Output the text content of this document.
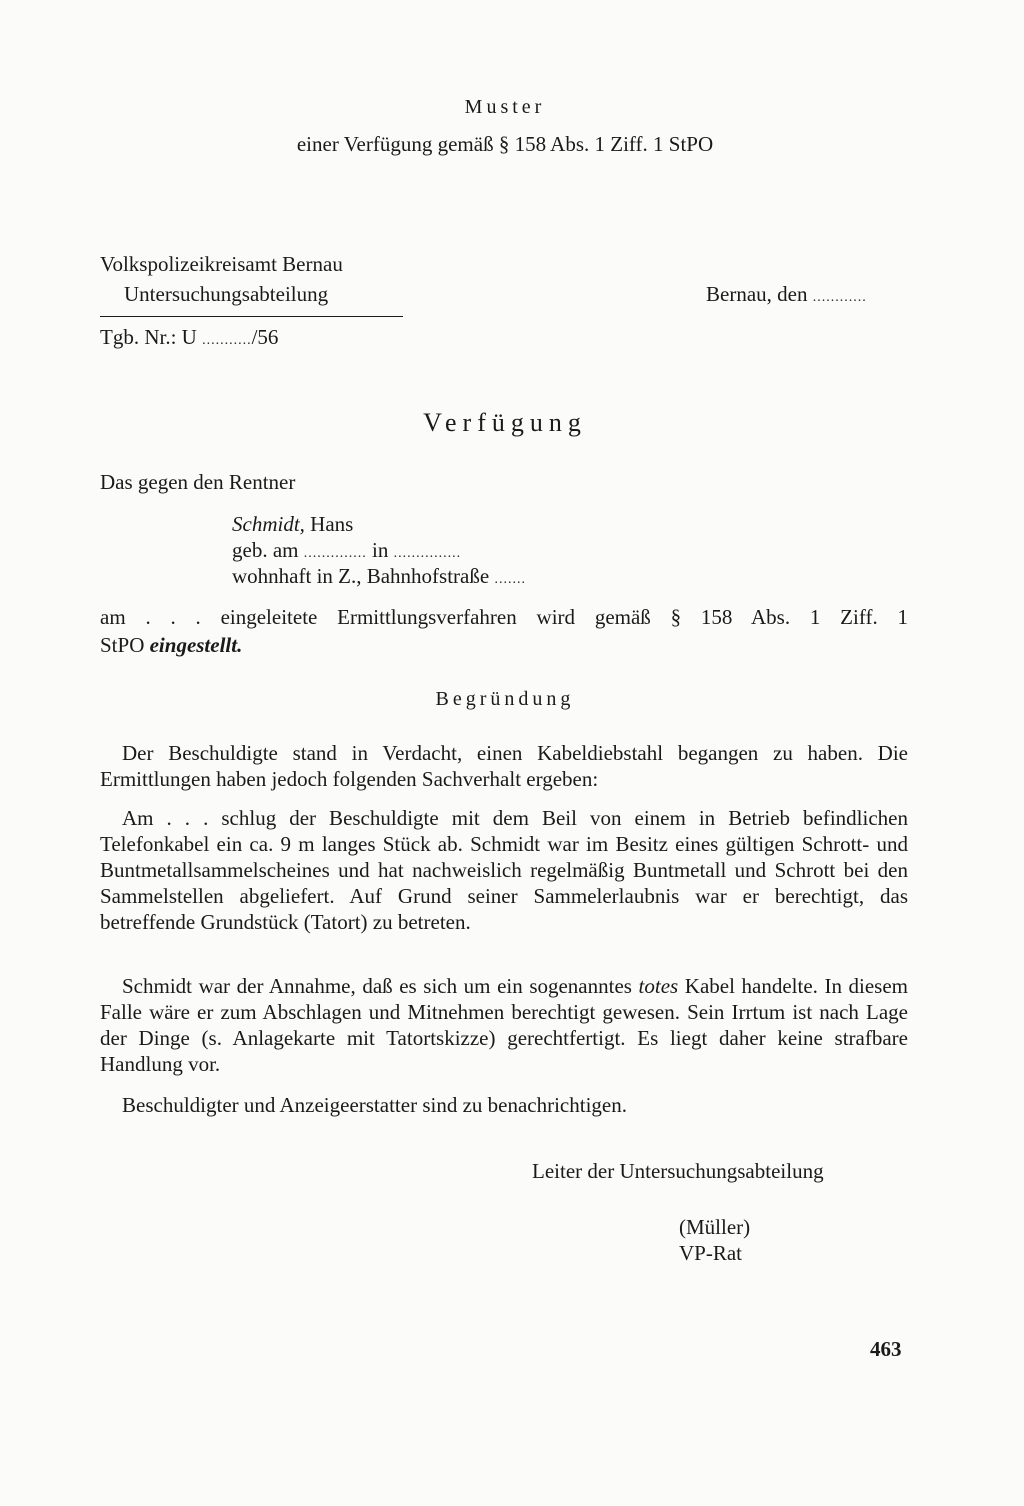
Muster
einer Verfügung gemäß § 158 Abs. 1 Ziff. 1 StPO
Volkspolizeikreisamt Bernau
Untersuchungsabteilung
Tgb. Nr.: U .........../56
Bernau, den ............
Verfügung
Das gegen den Rentner
Schmidt, Hans
geb. am .............. in ...............
wohnhaft in Z., Bahnhofstraße .......
am . . . eingeleitete Ermittlungsverfahren wird gemäß § 158 Abs. 1 Ziff. 1
StPO eingestellt.
Begründung
Der Beschuldigte stand in Verdacht, einen Kabeldiebstahl begangen zu haben. Die Ermittlungen haben jedoch folgenden Sachverhalt ergeben:
Am . . . schlug der Beschuldigte mit dem Beil von einem in Betrieb befindlichen Telefonkabel ein ca. 9 m langes Stück ab. Schmidt war im Besitz eines gültigen Schrott- und Buntmetallsammelscheines und hat nachweislich regelmäßig Buntmetall und Schrott bei den Sammelstellen abgeliefert. Auf Grund seiner Sammelerlaubnis war er berechtigt, das betreffende Grundstück (Tatort) zu betreten.
Schmidt war der Annahme, daß es sich um ein sogenanntes totes Kabel handelte. In diesem Falle wäre er zum Abschlagen und Mitnehmen berechtigt gewesen. Sein Irrtum ist nach Lage der Dinge (s. Anlagekarte mit Tatortskizze) gerechtfertigt. Es liegt daher keine strafbare Handlung vor.
Beschuldigter und Anzeigeerstatter sind zu benachrichtigen.
Leiter der Untersuchungsabteilung
(Müller)
VP-Rat
463
